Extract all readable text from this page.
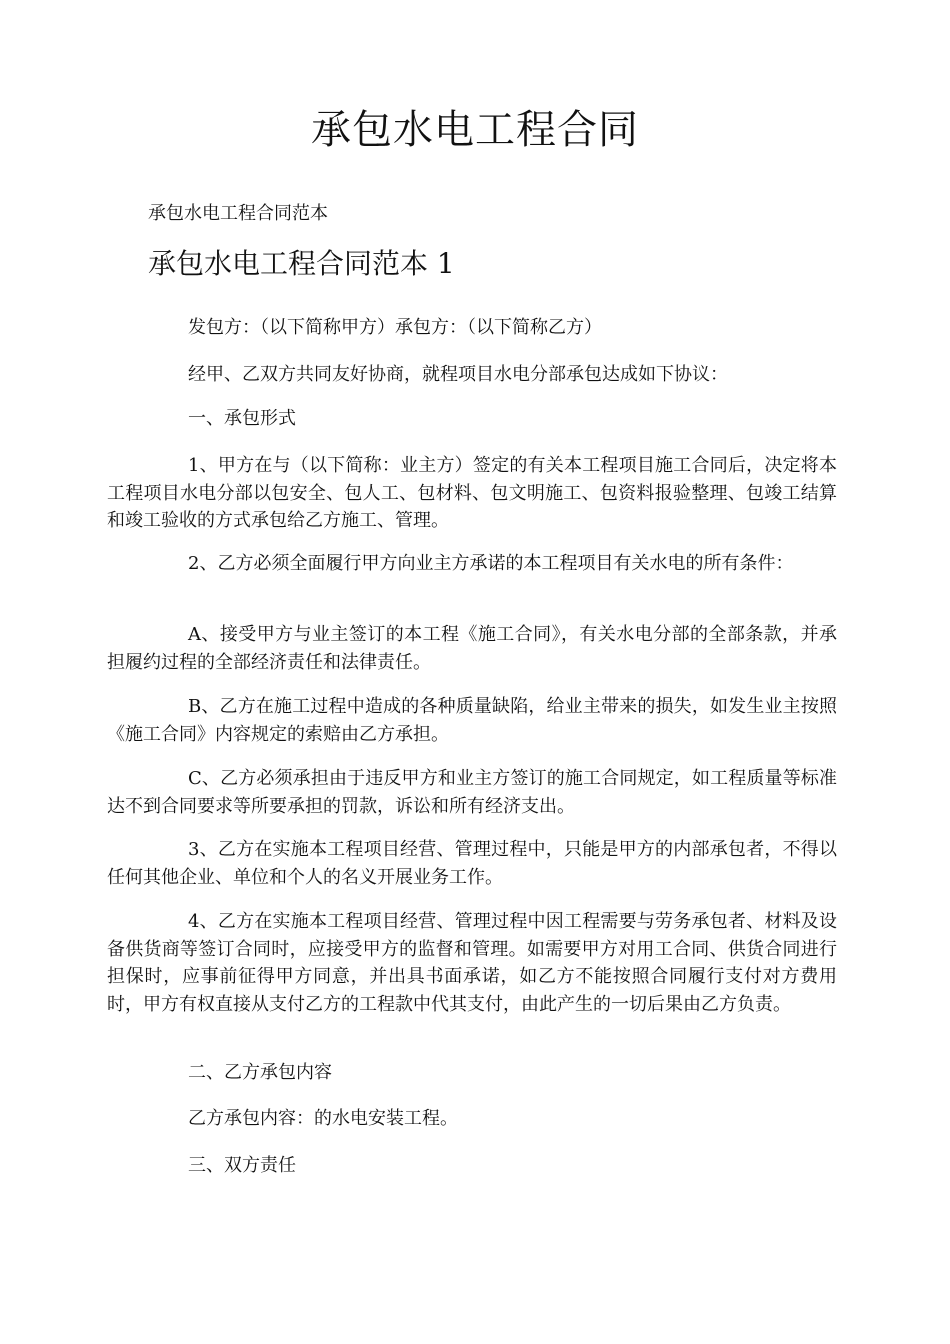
承包水电工程合同

承包水电工程合同范本

承包水电工程合同范本 1

发包方：（以下简称甲方）承包方：（以下简称乙方）

经甲、乙双方共同友好协商，就程项目水电分部承包达成如下协议：

一、承包形式

1、甲方在与（以下简称：业主方）签定的有关本工程项目施工合同后，决定将本工程项目水电分部以包安全、包人工、包材料、包文明施工、包资料报验整理、包竣工结算和竣工验收的方式承包给乙方施工、管理。

2、乙方必须全面履行甲方向业主方承诺的本工程项目有关水电的所有条件：

A、接受甲方与业主签订的本工程《施工合同》，有关水电分部的全部条款，并承担履约过程的全部经济责任和法律责任。

B、乙方在施工过程中造成的各种质量缺陷，给业主带来的损失，如发生业主按照《施工合同》内容规定的索赔由乙方承担。

C、乙方必须承担由于违反甲方和业主方签订的施工合同规定，如工程质量等标准达不到合同要求等所要承担的罚款，诉讼和所有经济支出。

3、乙方在实施本工程项目经营、管理过程中，只能是甲方的内部承包者，不得以任何其他企业、单位和个人的名义开展业务工作。

4、乙方在实施本工程项目经营、管理过程中因工程需要与劳务承包者、材料及设备供货商等签订合同时，应接受甲方的监督和管理。如需要甲方对用工合同、供货合同进行担保时，应事前征得甲方同意，并出具书面承诺，如乙方不能按照合同履行支付对方费用时，甲方有权直接从支付乙方的工程款中代其支付，由此产生的一切后果由乙方负责。

二、乙方承包内容

乙方承包内容：的水电安装工程。

三、双方责任
